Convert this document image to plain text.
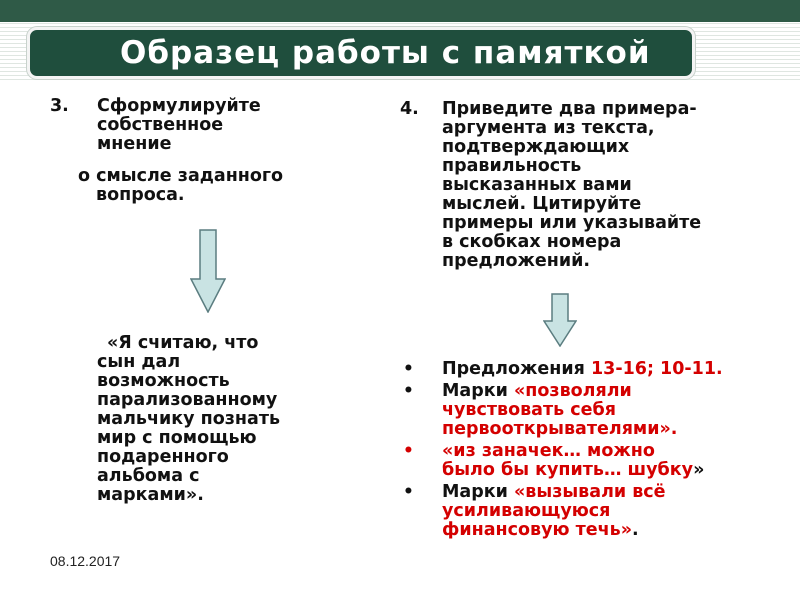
Образец работы с памяткой
3. Сформулируйте
собственное
мнение
о смысле заданного
вопроса.
«Я считаю, что
сын дал
возможность
парализованному
мальчику познать
мир с помощью
подаренного
альбома с
марками».
4. Приведите два примера-
аргумента из текста,
подтверждающих
правильность
высказанных вами
мыслей. Цитируйте
примеры или указывайте
в скобках номера
предложений.
• Предложения 13-16; 10-11.
• Марки «позволяли
чувствовать себя
первооткрывателями».
• «из заначек… можно
было бы купить… шубку»
• Марки «вызывали всё
усиливающуюся
финансовую течь».
08.12.2017
